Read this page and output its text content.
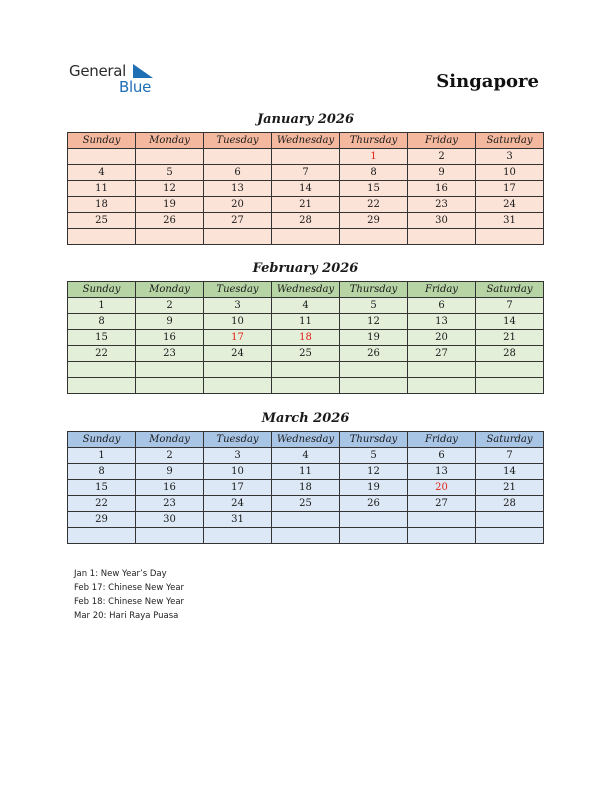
General
Blue	Singapore
January 2026
Sunday	Monday	Tuesday	Wednesday	Thursday	Friday	Saturday
				1	2	3
4	5	6	7	8	9	10
11	12	13	14	15	16	17
18	19	20	21	22	23	24
25	26	27	28	29	30	31

February 2026
Sunday	Monday	Tuesday	Wednesday	Thursday	Friday	Saturday
1	2	3	4	5	6	7
8	9	10	11	12	13	14
15	16	17	18	19	20	21
22	23	24	25	26	27	28

March 2026
Sunday	Monday	Tuesday	Wednesday	Thursday	Friday	Saturday
1	2	3	4	5	6	7
8	9	10	11	12	13	14
15	16	17	18	19	20	21
22	23	24	25	26	27	28
29	30	31				

Jan 1: New Year’s Day
Feb 17: Chinese New Year
Feb 18: Chinese New Year
Mar 20: Hari Raya Puasa
